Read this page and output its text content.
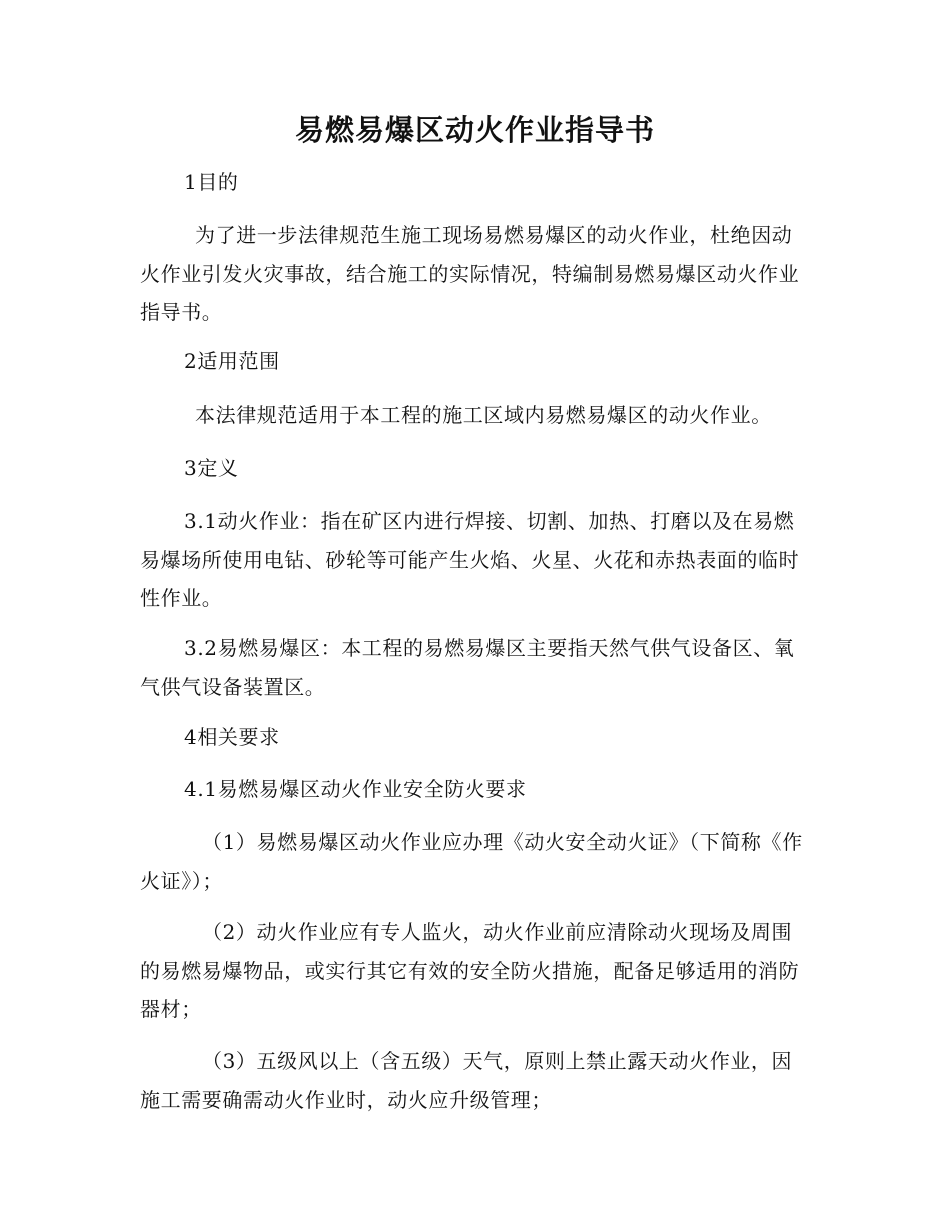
易燃易爆区动火作业指导书

1目的

为了进一步法律规范生施工现场易燃易爆区的动火作业，杜绝因动火作业引发火灾事故，结合施工的实际情况，特编制易燃易爆区动火作业指导书。

2适用范围

本法律规范适用于本工程的施工区域内易燃易爆区的动火作业。

3定义

3.1动火作业：指在矿区内进行焊接、切割、加热、打磨以及在易燃易爆场所使用电钻、砂轮等可能产生火焰、火星、火花和赤热表面的临时性作业。

3.2易燃易爆区：本工程的易燃易爆区主要指天然气供气设备区、氧气供气设备装置区。

4相关要求

4.1易燃易爆区动火作业安全防火要求

（1）易燃易爆区动火作业应办理《动火安全动火证》（下简称《作火证》）；

（2）动火作业应有专人监火，动火作业前应清除动火现场及周围的易燃易爆物品，或实行其它有效的安全防火措施，配备足够适用的消防器材；

（3）五级风以上（含五级）天气，原则上禁止露天动火作业，因施工需要确需动火作业时，动火应升级管理；
